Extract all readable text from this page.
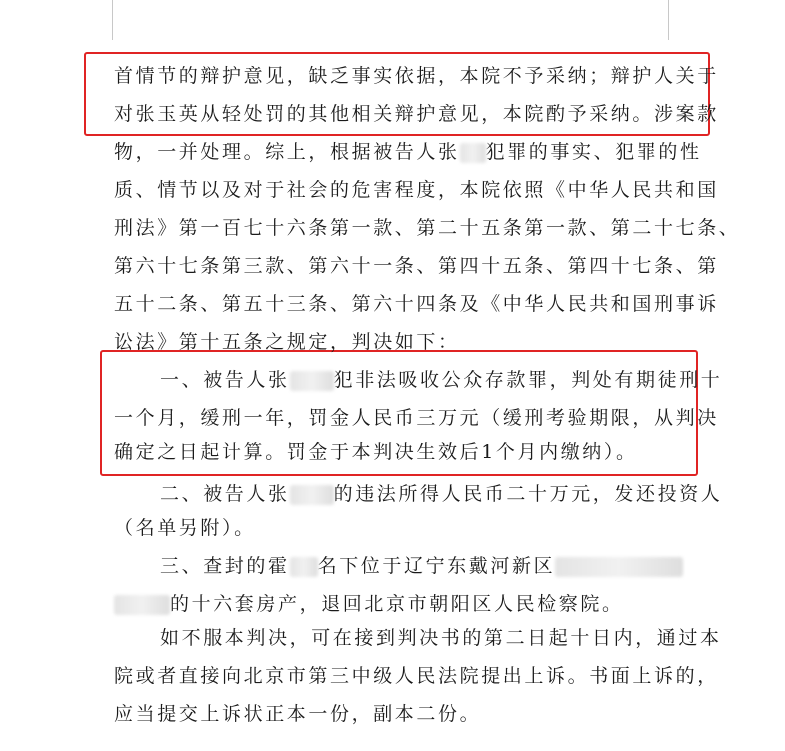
首情节的辩护意见，缺乏事实依据，本院不予采纳；辩护人关于
对张玉英从轻处罚的其他相关辩护意见，本院酌予采纳。涉案款
物，一并处理。综上，根据被告人张 犯罪的事实、犯罪的性
质、情节以及对于社会的危害程度，本院依照《中华人民共和国
刑法》第一百七十六条第一款、第二十五条第一款、第二十七条、
第六十七条第三款、第六十一条、第四十五条、第四十七条、第
五十二条、第五十三条、第六十四条及《中华人民共和国刑事诉
讼法》第十五条之规定，判决如下：
一、被告人张 犯非法吸收公众存款罪，判处有期徒刑十
一个月，缓刑一年，罚金人民币三万元（缓刑考验期限，从判决
确定之日起计算。罚金于本判决生效后1个月内缴纳）。
二、被告人张 的违法所得人民币二十万元，发还投资人
（名单另附）。
三、查封的霍 名下位于辽宁东戴河新区
的十六套房产，退回北京市朝阳区人民检察院。
如不服本判决，可在接到判决书的第二日起十日内，通过本
院或者直接向北京市第三中级人民法院提出上诉。书面上诉的，
应当提交上诉状正本一份，副本二份。
